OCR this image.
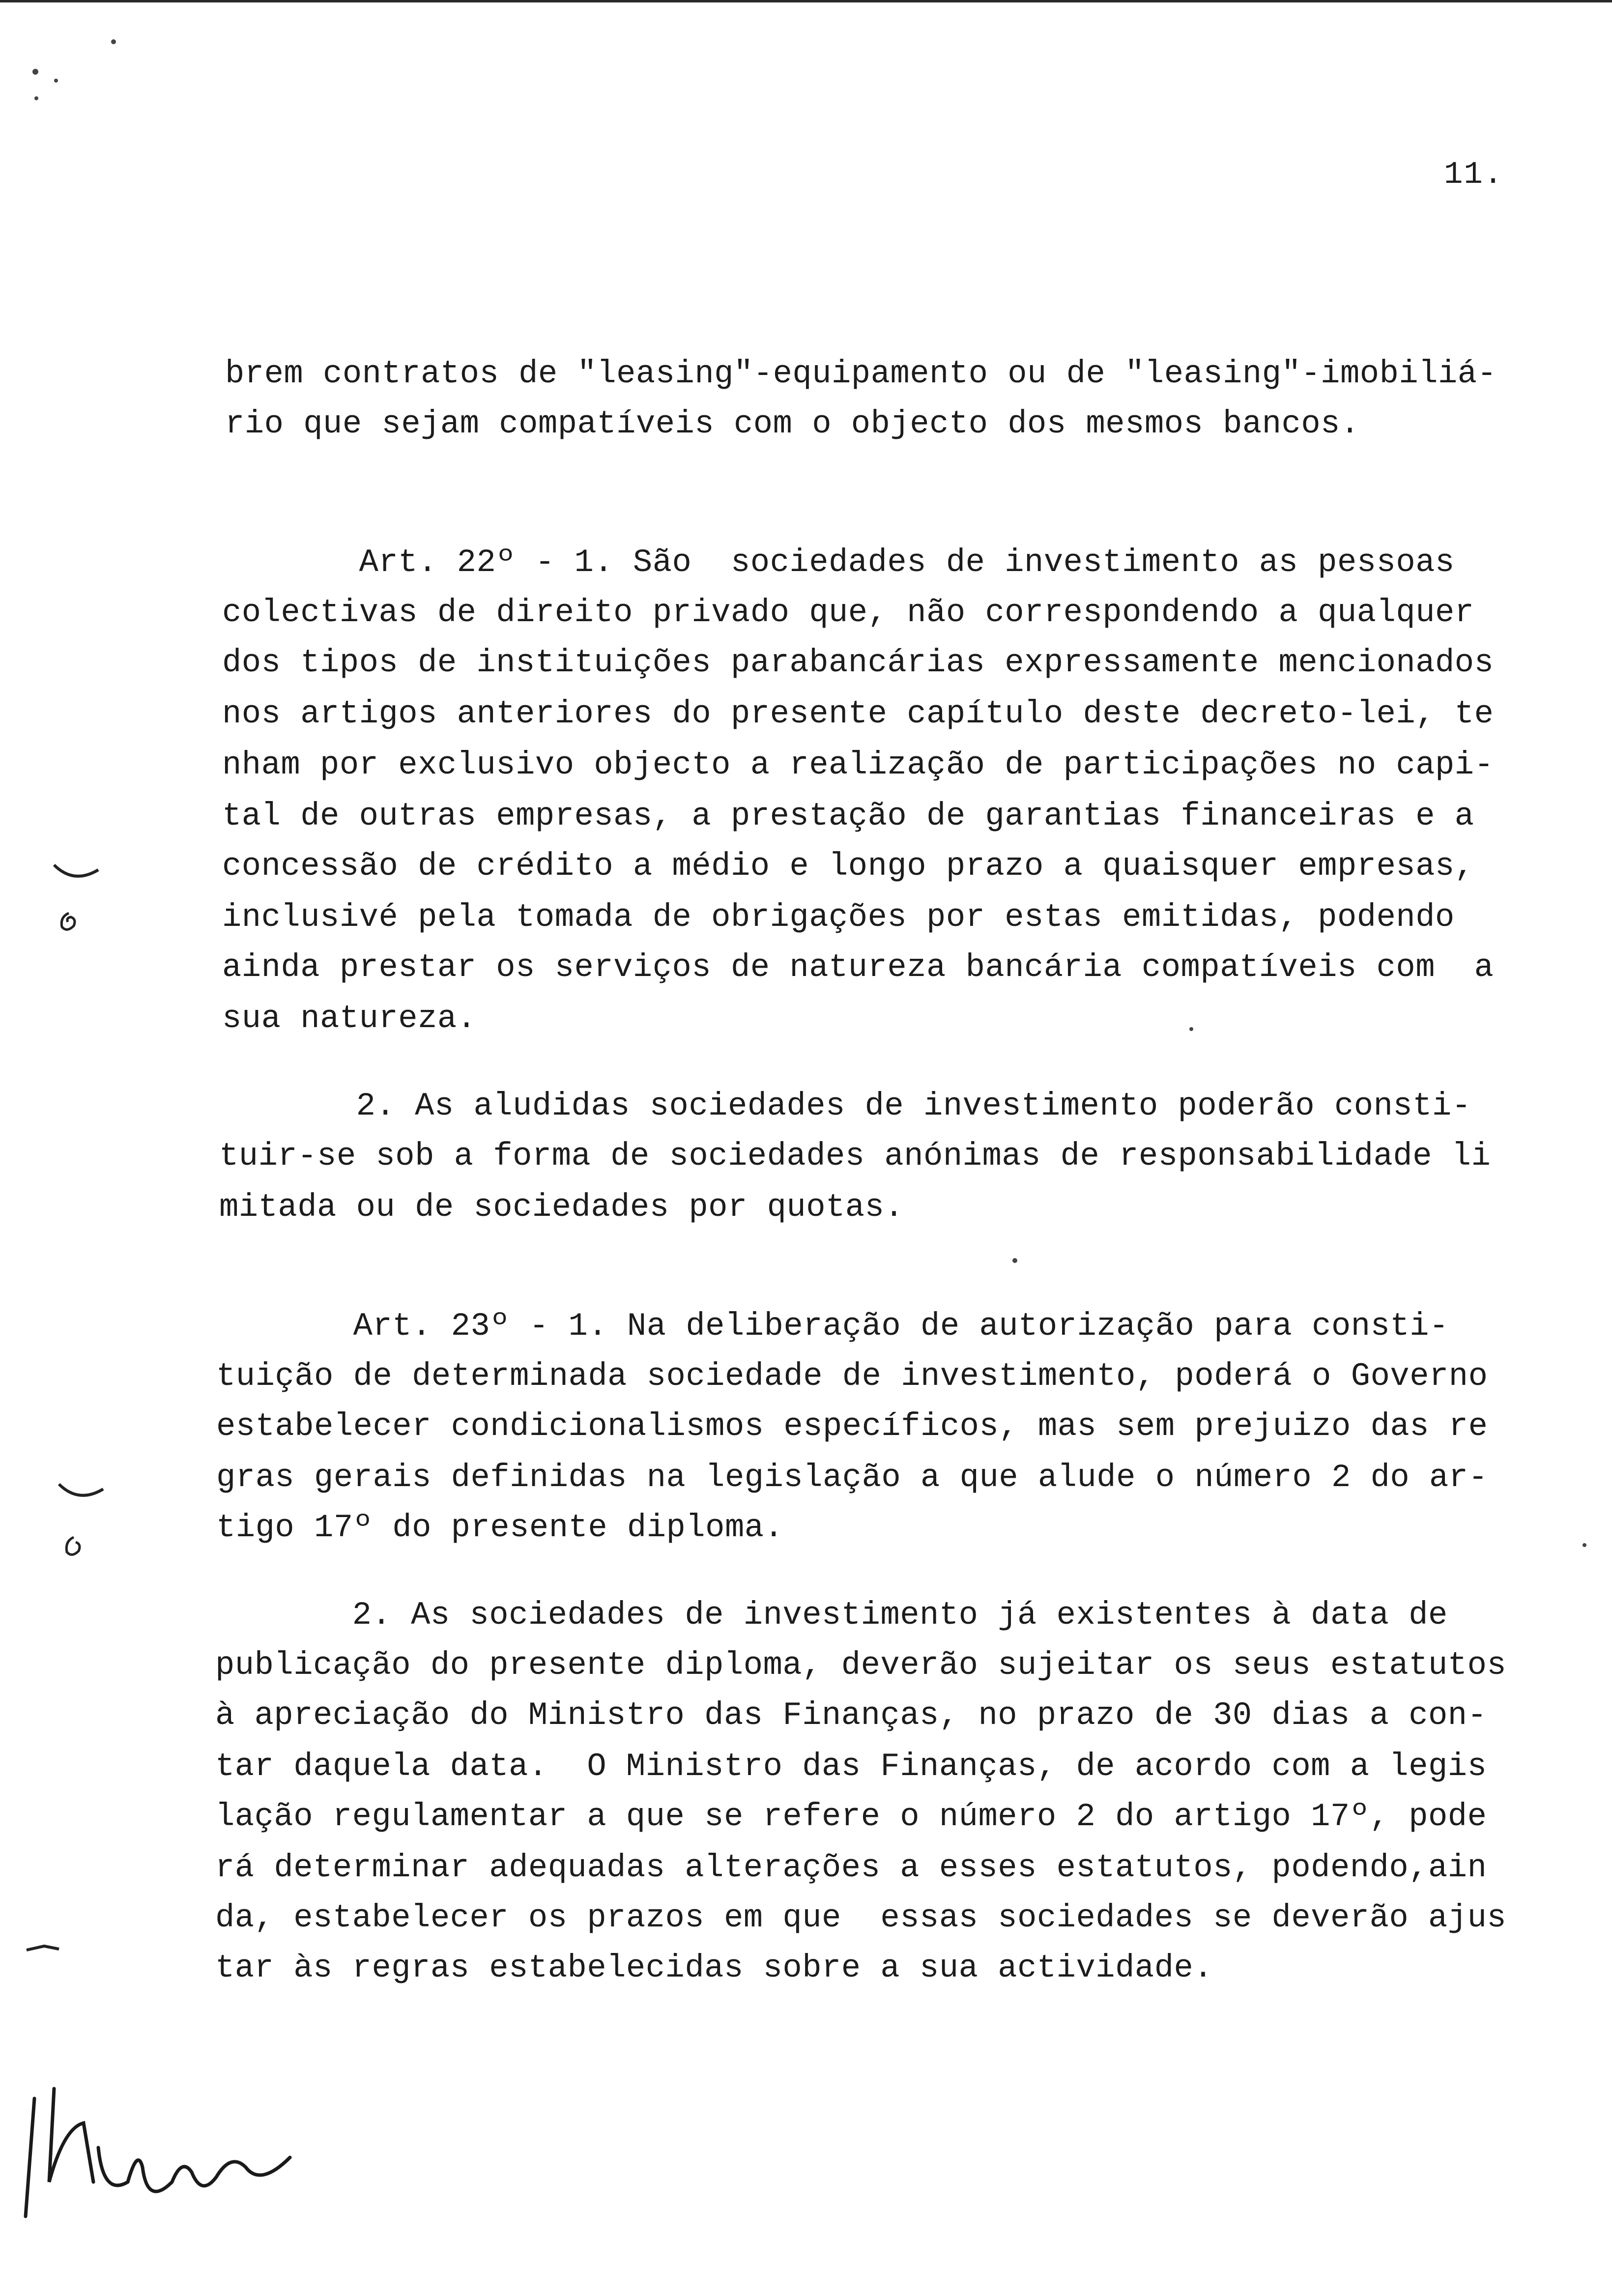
11.
brem contratos de "leasing"-equipamento ou de "leasing"-imobiliá-
rio que sejam compatíveis com o objecto dos mesmos bancos.
Art. 22º - 1. São  sociedades de investimento as pessoas
colectivas de direito privado que, não correspondendo a qualquer
dos tipos de instituições parabancárias expressamente mencionados
nos artigos anteriores do presente capítulo deste decreto-lei, te
nham por exclusivo objecto a realização de participações no capi-
tal de outras empresas, a prestação de garantias financeiras e a
concessão de crédito a médio e longo prazo a quaisquer empresas,
inclusivé pela tomada de obrigações por estas emitidas, podendo
ainda prestar os serviços de natureza bancária compatíveis com  a
sua natureza.
2. As aludidas sociedades de investimento poderão consti-
tuir-se sob a forma de sociedades anónimas de responsabilidade li
mitada ou de sociedades por quotas.
Art. 23º - 1. Na deliberação de autorização para consti-
tuição de determinada sociedade de investimento, poderá o Governo
estabelecer condicionalismos específicos, mas sem prejuizo das re
gras gerais definidas na legislação a que alude o número 2 do ar-
tigo 17º do presente diploma.
2. As sociedades de investimento já existentes à data de
publicação do presente diploma, deverão sujeitar os seus estatutos
à apreciação do Ministro das Finanças, no prazo de 30 dias a con-
tar daquela data.  O Ministro das Finanças, de acordo com a legis
lação regulamentar a que se refere o número 2 do artigo 17º, pode
rá determinar adequadas alterações a esses estatutos, podendo,ain
da, estabelecer os prazos em que  essas sociedades se deverão ajus
tar às regras estabelecidas sobre a sua actividade.
